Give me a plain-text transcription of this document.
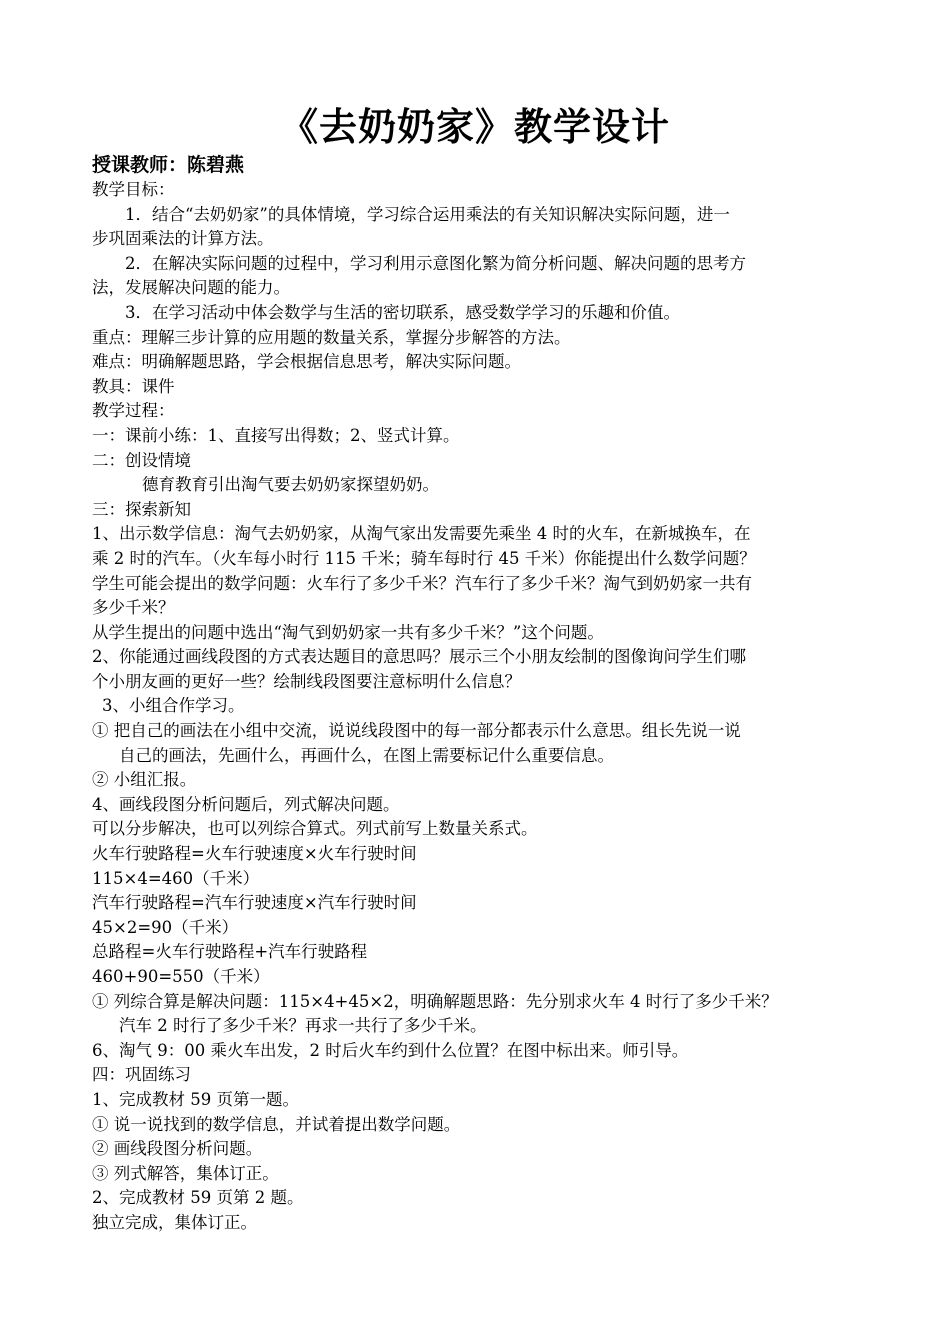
《去奶奶家》教学设计
授课教师：陈碧燕
教学目标：
1．结合“去奶奶家”的具体情境，学习综合运用乘法的有关知识解决实际问题，进一
步巩固乘法的计算方法。
2．在解决实际问题的过程中，学习利用示意图化繁为简分析问题、解决问题的思考方
法，发展解决问题的能力。
3．在学习活动中体会数学与生活的密切联系，感受数学学习的乐趣和价值。
重点：理解三步计算的应用题的数量关系，掌握分步解答的方法。
难点：明确解题思路，学会根据信息思考，解决实际问题。
教具：课件
教学过程：
一：课前小练：1、直接写出得数；2、竖式计算。
二：创设情境
德育教育引出淘气要去奶奶家探望奶奶。
三：探索新知
1、出示数学信息：淘气去奶奶家，从淘气家出发需要先乘坐 4 时的火车，在新城换车，在
乘 2 时的汽车。（火车每小时行 115 千米；骑车每时行 45 千米）你能提出什么数学问题？
学生可能会提出的数学问题：火车行了多少千米？汽车行了多少千米？淘气到奶奶家一共有
多少千米？
从学生提出的问题中选出“淘气到奶奶家一共有多少千米？”这个问题。
2、你能通过画线段图的方式表达题目的意思吗？展示三个小朋友绘制的图像询问学生们哪
个小朋友画的更好一些？绘制线段图要注意标明什么信息？
3、小组合作学习。
① 把自己的画法在小组中交流，说说线段图中的每一部分都表示什么意思。组长先说一说
自己的画法，先画什么，再画什么，在图上需要标记什么重要信息。
② 小组汇报。
4、画线段图分析问题后，列式解决问题。
可以分步解决，也可以列综合算式。列式前写上数量关系式。
火车行驶路程=火车行驶速度×火车行驶时间
115×4=460（千米）
汽车行驶路程=汽车行驶速度×汽车行驶时间
45×2=90（千米）
总路程=火车行驶路程+汽车行驶路程
460+90=550（千米）
① 列综合算是解决问题：115×4+45×2，明确解题思路：先分别求火车 4 时行了多少千米？
汽车 2 时行了多少千米？再求一共行了多少千米。
6、淘气 9：00 乘火车出发，2 时后火车约到什么位置？在图中标出来。师引导。
四：巩固练习
1、完成教材 59 页第一题。
① 说一说找到的数学信息，并试着提出数学问题。
② 画线段图分析问题。
③ 列式解答，集体订正。
2、完成教材 59 页第 2 题。
独立完成，集体订正。
